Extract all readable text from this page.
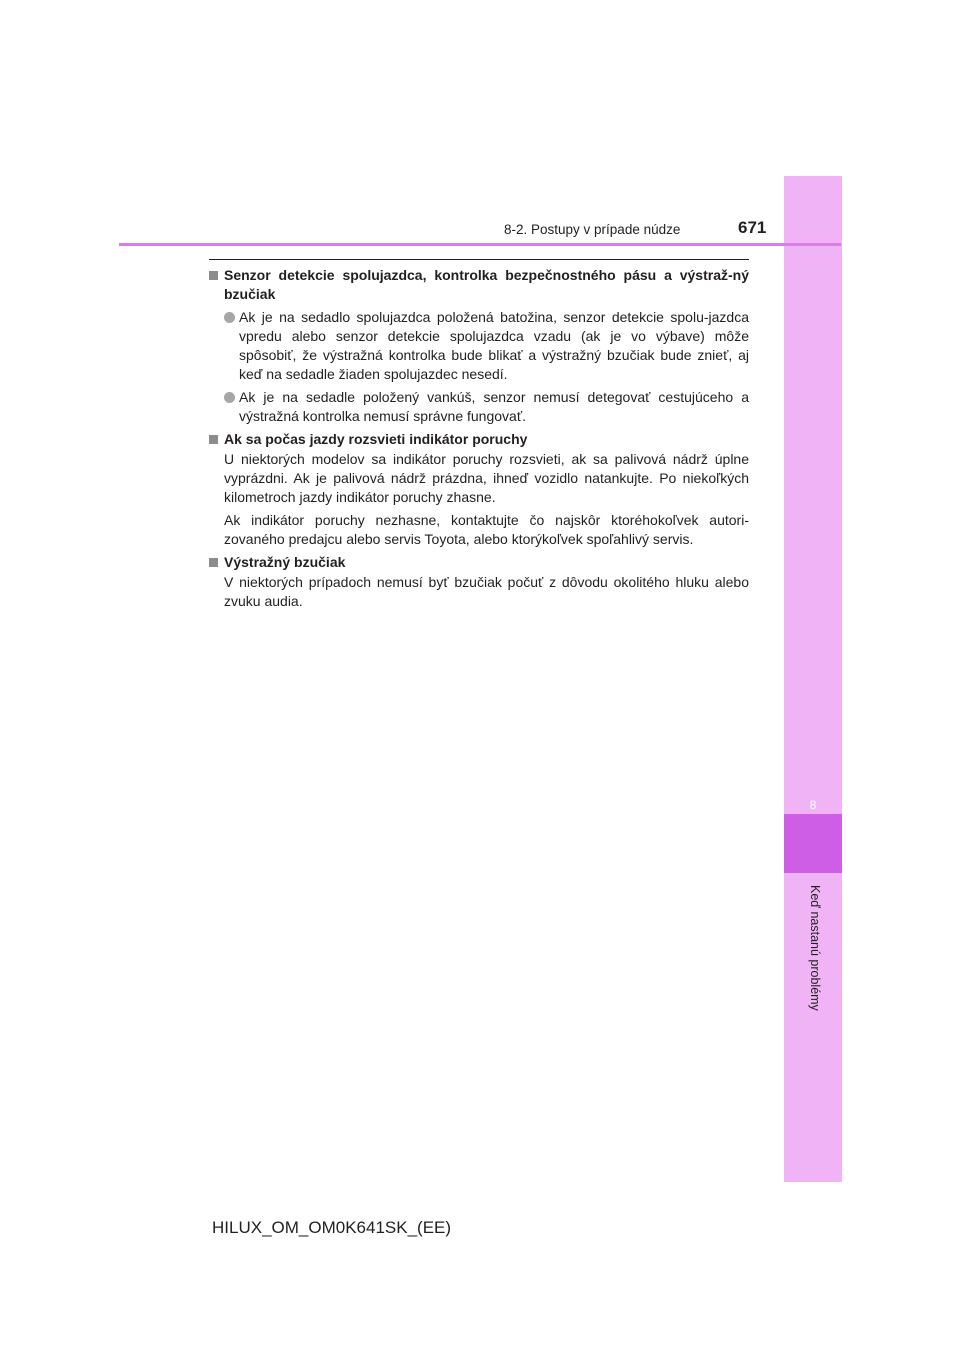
8
Keď nastanú problémy
8-2. Postupy v prípade núdze	671
Senzor detekcie spolujazdca, kontrolka bezpečnostného pásu a výstraž-ný bzučiak
Ak je na sedadlo spolujazdca položená batožina, senzor detekcie spolu-jazdca vpredu alebo senzor detekcie spolujazdca vzadu (ak je vo výbave) môže spôsobiť, že výstražná kontrolka bude blikať a výstražný bzučiak bude znieť, aj keď na sedadle žiaden spolujazdec nesedí.
Ak je na sedadle položený vankúš, senzor nemusí detegovať cestujúceho a výstražná kontrolka nemusí správne fungovať.
Ak sa počas jazdy rozsvieti indikátor poruchy
U niektorých modelov sa indikátor poruchy rozsvieti, ak sa palivová nádrž úplne vyprázdni. Ak je palivová nádrž prázdna, ihneď vozidlo natankujte. Po niekoľkých kilometroch jazdy indikátor poruchy zhasne.
Ak indikátor poruchy nezhasne, kontaktujte čo najskôr ktoréhokoľvek autori-zovaného predajcu alebo servis Toyota, alebo ktorýkoľvek spoľahlivý servis.
Výstražný bzučiak
V niektorých prípadoch nemusí byť bzučiak počuť z dôvodu okolitého hluku alebo zvuku audia.
HILUX_OM_OM0K641SK_(EE)
